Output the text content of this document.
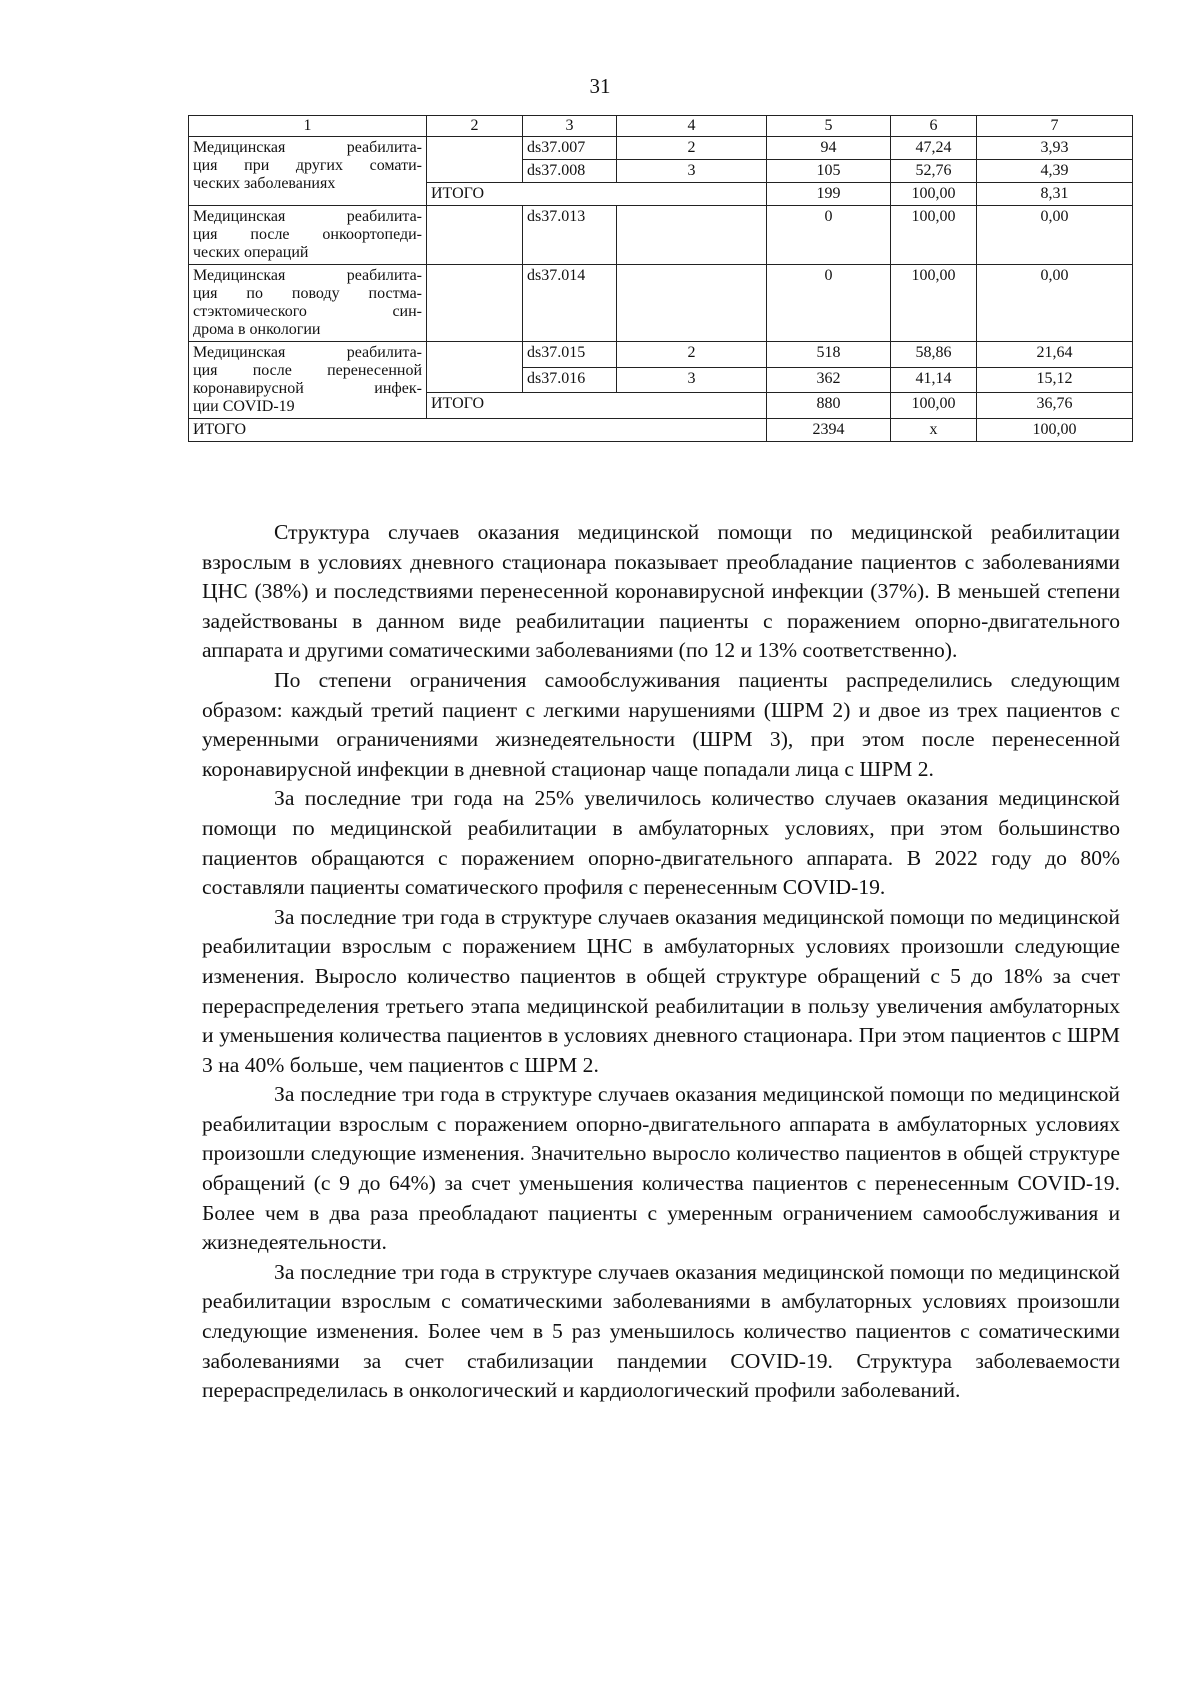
31
1	2	3	4	5	6	7

Медицинская реабилита-
ция при других сомати-
ческих заболеваниях		ds37.007	2	94	47,24	3,93
		ds37.008	3	105	52,76	4,39
	ИТОГО			199	100,00	8,31

Медицинская реабилита-
ция после онкоортопеди-
ческих операций		ds37.013		0	100,00	0,00

Медицинская реабилита-
ция по поводу постма-
стэктомического син-
дрома в онкологии		ds37.014		0	100,00	0,00

Медицинская реабилита-
ция после перенесенной
коронавирусной инфек-
ции COVID-19		ds37.015	2	518	58,86	21,64
		ds37.016	3	362	41,14	15,12
	ИТОГО			880	100,00	36,76
ИТОГО				2394	x	100,00

Структура случаев оказания медицинской помощи по медицинской реабилитации взрослым в условиях дневного стационара показывает преобладание пациентов с заболеваниями ЦНС (38%) и последствиями перенесенной коронавирусной инфекции (37%). В меньшей степени задействованы в данном виде реабилитации пациенты с поражением опорно-двигательного аппарата и другими соматическими заболеваниями (по 12 и 13% соответственно).

По степени ограничения самообслуживания пациенты распределились следующим образом: каждый третий пациент с легкими нарушениями (ШРМ 2) и двое из трех пациентов с умеренными ограничениями жизнедеятельности (ШРМ 3), при этом после перенесенной коронавирусной инфекции в дневной стационар чаще попадали лица с ШРМ 2.

За последние три года на 25% увеличилось количество случаев оказания медицинской помощи по медицинской реабилитации в амбулаторных условиях, при этом большинство пациентов обращаются с поражением опорно-двигательного аппарата. В 2022 году до 80% составляли пациенты соматического профиля с перенесенным COVID-19.

За последние три года в структуре случаев оказания медицинской помощи по медицинской реабилитации взрослым с поражением ЦНС в амбулаторных условиях произошли следующие изменения. Выросло количество пациентов в общей структуре обращений с 5 до 18% за счет перераспределения третьего этапа медицинской реабилитации в пользу увеличения амбулаторных и уменьшения количества пациентов в условиях дневного стационара. При этом пациентов с ШРМ 3 на 40% больше, чем пациентов с ШРМ 2.

За последние три года в структуре случаев оказания медицинской помощи по медицинской реабилитации взрослым с поражением опорно-двигательного аппарата в амбулаторных условиях произошли следующие изменения. Значительно выросло количество пациентов в общей структуре обращений (с 9 до 64%) за счет уменьшения количества пациентов с перенесенным COVID-19. Более чем в два раза преобладают пациенты с умеренным ограничением самообслуживания и жизнедеятельности.

За последние три года в структуре случаев оказания медицинской помощи по медицинской реабилитации взрослым с соматическими заболеваниями в амбулаторных условиях произошли следующие изменения. Более чем в 5 раз уменьшилось количество пациентов с соматическими заболеваниями за счет стабилизации пандемии COVID-19. Структура заболеваемости перераспределилась в онкологический и кардиологический профили заболеваний.
